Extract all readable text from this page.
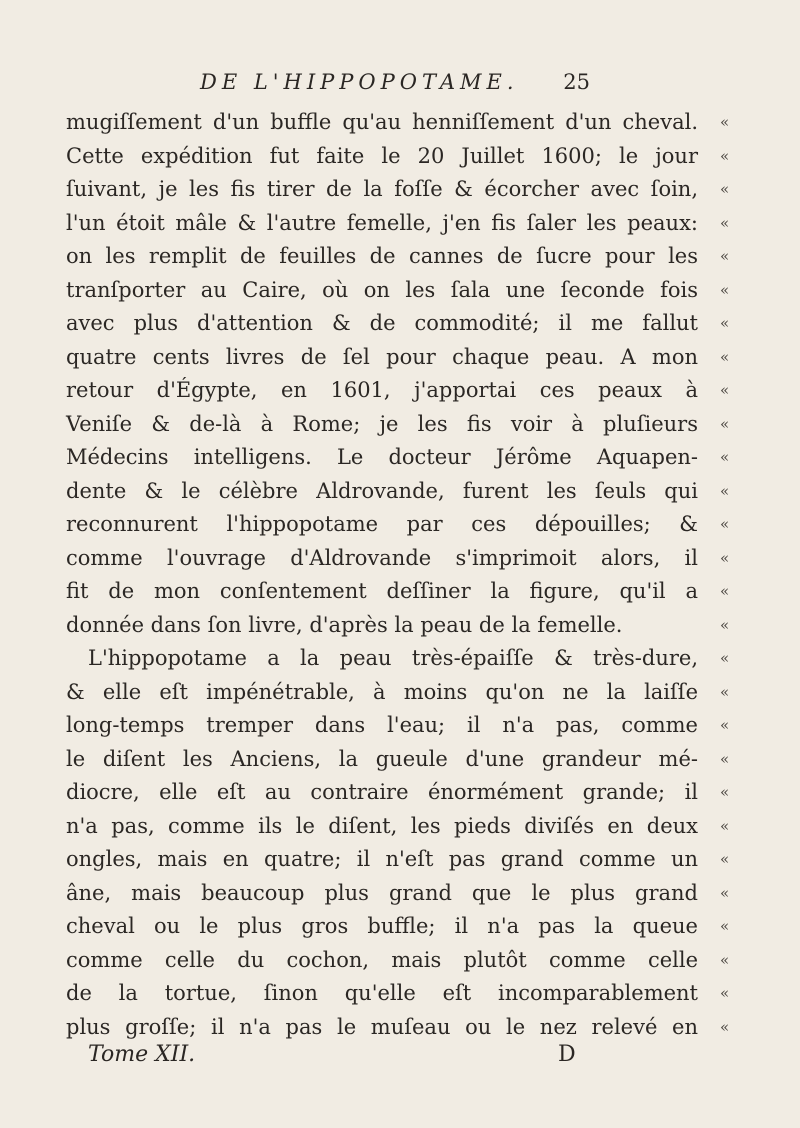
DE L'HIPPOPOTAME. 25
mugiſſement d'un buffle qu'au henniſſement d'un cheval.
Cette expédition fut faite le 20 Juillet 1600; le jour
ſuivant, je les fis tirer de la foſſe & écorcher avec ſoin,
l'un étoit mâle & l'autre femelle, j'en fis ſaler les peaux:
on les remplit de feuilles de cannes de ſucre pour les
tranſporter au Caire, où on les ſala une ſeconde fois
avec plus d'attention & de commodité; il me fallut
quatre cents livres de ſel pour chaque peau. A mon
retour d'Égypte, en 1601, j'apportai ces peaux à
Veniſe & de-là à Rome; je les fis voir à pluſieurs
Médecins intelligens. Le docteur Jérôme Aquapen-
dente & le célèbre Aldrovande, furent les ſeuls qui
reconnurent l'hippopotame par ces dépouilles; &
comme l'ouvrage d'Aldrovande s'imprimoit alors, il
fit de mon conſentement deſſiner la figure, qu'il a
donnée dans ſon livre, d'après la peau de la femelle.
L'hippopotame a la peau très-épaiſſe & très-dure,
& elle eſt impénétrable, à moins qu'on ne la laiſſe
long-temps tremper dans l'eau; il n'a pas, comme
le diſent les Anciens, la gueule d'une grandeur mé-
diocre, elle eſt au contraire énormément grande; il
n'a pas, comme ils le diſent, les pieds diviſés en deux
ongles, mais en quatre; il n'eſt pas grand comme un
âne, mais beaucoup plus grand que le plus grand
cheval ou le plus gros buffle; il n'a pas la queue
comme celle du cochon, mais plutôt comme celle
de la tortue, ſinon qu'elle eſt incomparablement
plus groſſe; il n'a pas le muſeau ou le nez relevé en
«
«
«
«
«
«
«
«
«
«
«
«
«
«
«
«
«
«
«
«
«
«
«
«
«
«
«
«
Tome XII.	D
